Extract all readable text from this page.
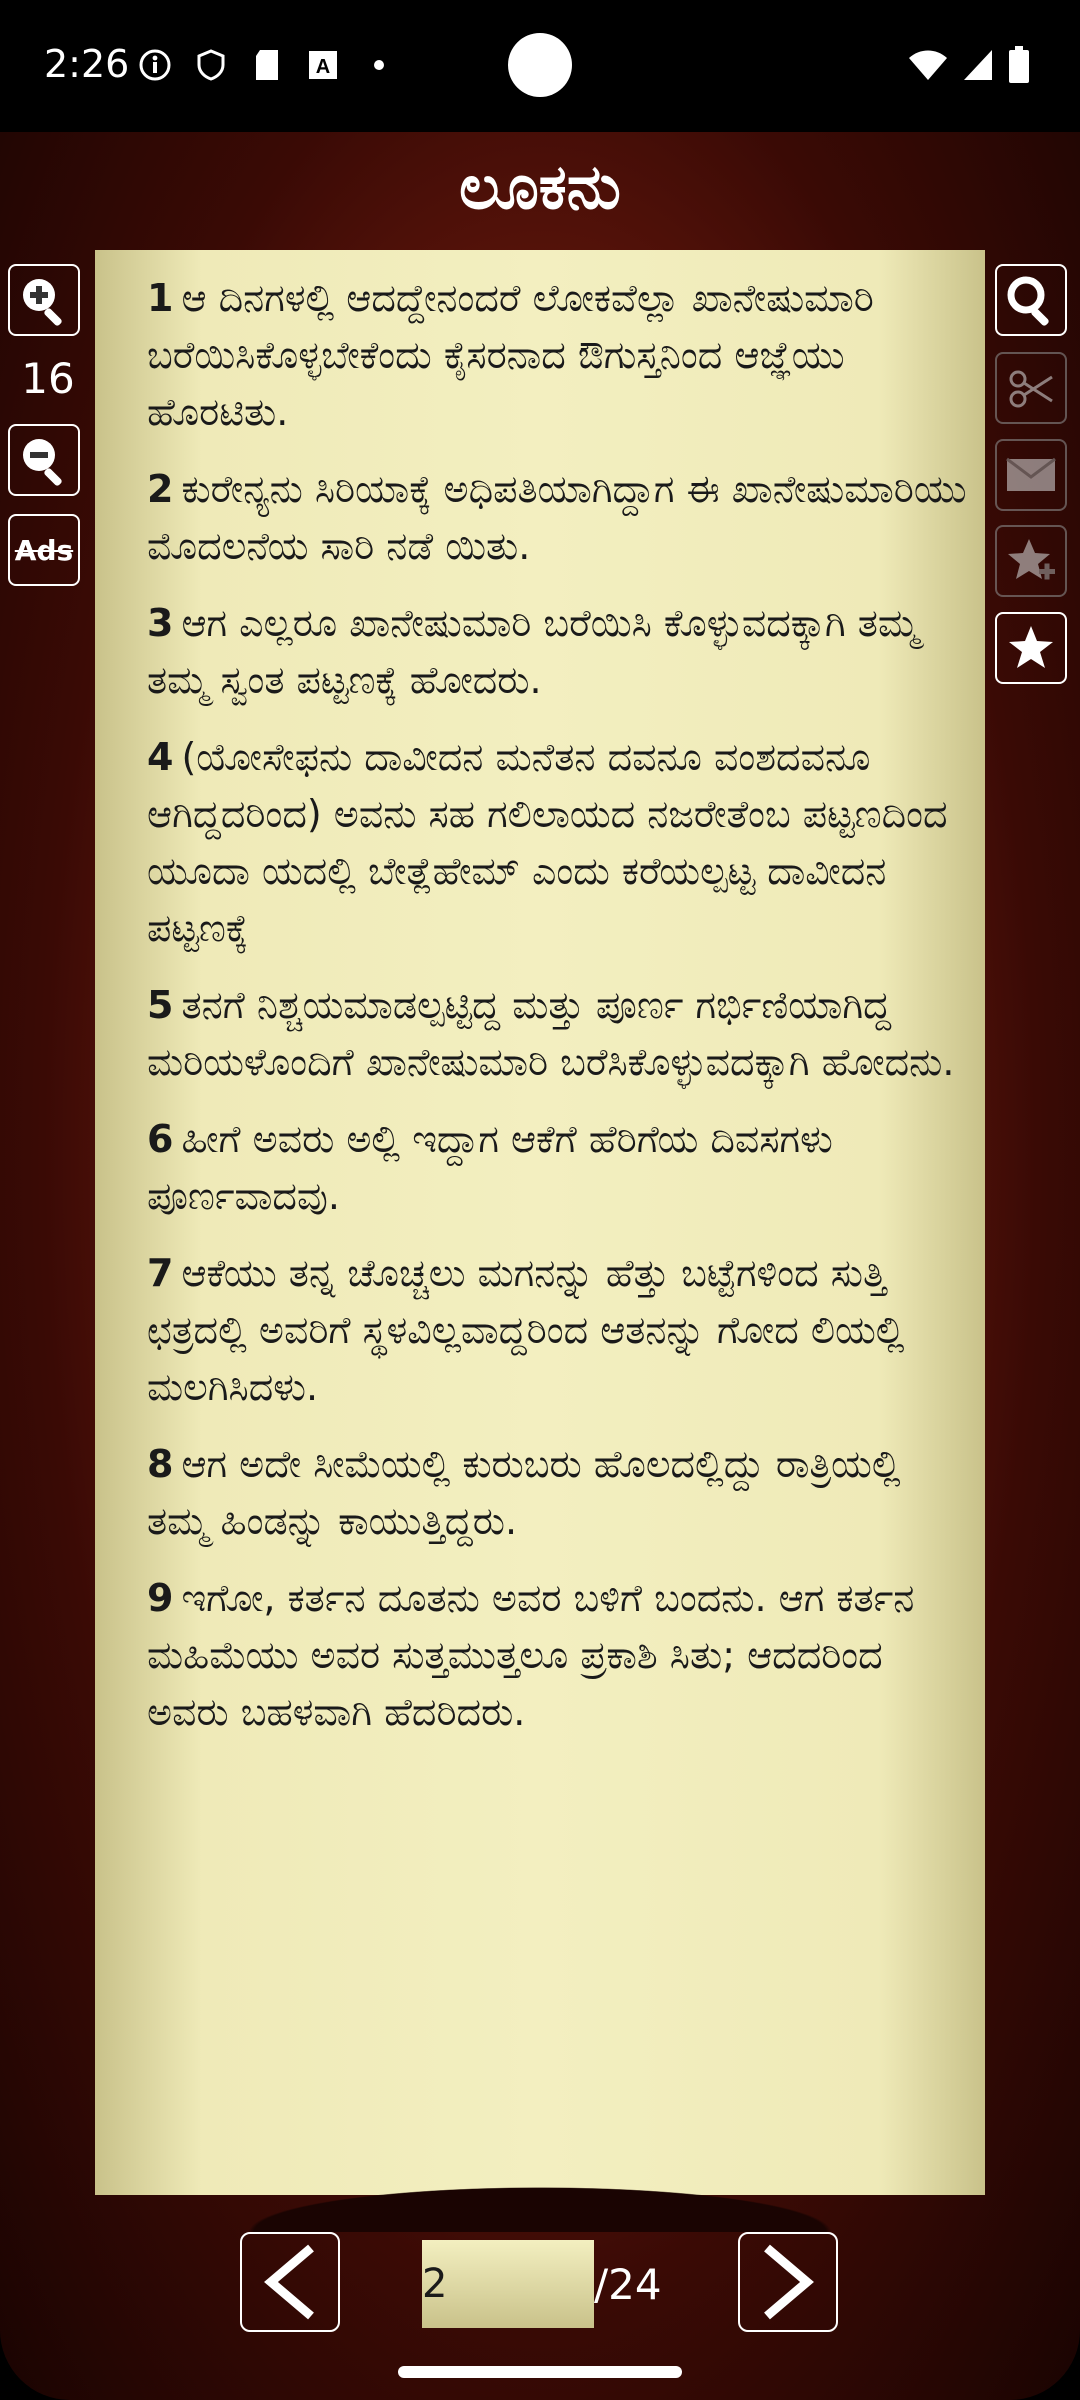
2:26	A
ಲೂಕನು

1 ಆ ದಿನಗಳಲ್ಲಿ ಆದದ್ದೇನಂದರೆ ಲೋಕವೆಲ್ಲಾ ಖಾನೇಷುಮಾರಿ ಬರೆಯಿಸಿಕೊಳ್ಳಬೇಕೆಂದು ಕೈಸರನಾದ ಔಗುಸ್ತನಿಂದ ಆಜ್ಞೆಯು ಹೊರಟಿತು.

2 ಕುರೇನ್ಯನು ಸಿರಿಯಾಕ್ಕೆ ಅಧಿಪತಿಯಾಗಿದ್ದಾಗ ಈ ಖಾನೇಷುಮಾರಿಯು ಮೊದಲನೆಯ ಸಾರಿ ನಡೆ ಯಿತು.

3 ಆಗ ಎಲ್ಲರೂ ಖಾನೇಷುಮಾರಿ ಬರೆಯಿಸಿ ಕೊಳ್ಳುವದಕ್ಕಾಗಿ ತಮ್ಮ ತಮ್ಮ ಸ್ವಂತ ಪಟ್ಟಣಕ್ಕೆ ಹೋದರು.

4 (ಯೋಸೇಫನು ದಾವೀದನ ಮನೆತನ ದವನೂ ವಂಶದವನೂ ಆಗಿದ್ದದರಿಂದ) ಅವನು ಸಹ ಗಲಿಲಾಯದ ನಜರೇತೆಂಬ ಪಟ್ಟಣದಿಂದ ಯೂದಾ ಯದಲ್ಲಿ ಬೇತ್ಲೆಹೇಮ್ ಎಂದು ಕರೆಯಲ್ಪಟ್ಟ ದಾವೀದನ ಪಟ್ಟಣಕ್ಕೆ

5 ತನಗೆ ನಿಶ್ಚಯಮಾಡಲ್ಪಟ್ಟಿದ್ದ ಮತ್ತು ಪೂರ್ಣ ಗರ್ಭಿಣಿಯಾಗಿದ್ದ ಮರಿಯಳೊಂದಿಗೆ ಖಾನೇಷುಮಾರಿ ಬರೆಸಿಕೊಳ್ಳುವದಕ್ಕಾಗಿ ಹೋದನು.

6 ಹೀಗೆ ಅವರು ಅಲ್ಲಿ ಇದ್ದಾಗ ಆಕೆಗೆ ಹೆರಿಗೆಯ ದಿವಸಗಳು ಪೂರ್ಣವಾದವು.

7 ಆಕೆಯು ತನ್ನ ಚೊಚ್ಚಲು ಮಗನನ್ನು ಹೆತ್ತು ಬಟ್ಟೆಗಳಿಂದ ಸುತ್ತಿ ಛತ್ರದಲ್ಲಿ ಅವರಿಗೆ ಸ್ಥಳವಿಲ್ಲವಾದ್ದರಿಂದ ಆತನನ್ನು ಗೋದ ಲಿಯಲ್ಲಿ ಮಲಗಿಸಿದಳು.

8 ಆಗ ಅದೇ ಸೀಮೆಯಲ್ಲಿ ಕುರುಬರು ಹೊಲದಲ್ಲಿದ್ದು ರಾತ್ರಿಯಲ್ಲಿ ತಮ್ಮ ಹಿಂಡನ್ನು ಕಾಯುತ್ತಿದ್ದರು.

9 ಇಗೋ, ಕರ್ತನ ದೂತನು ಅವರ ಬಳಿಗೆ ಬಂದನು. ಆಗ ಕರ್ತನ ಮಹಿಮೆಯು ಅವರ ಸುತ್ತಮುತ್ತಲೂ ಪ್ರಕಾಶಿ ಸಿತು; ಆದದರಿಂದ ಅವರು ಬಹಳವಾಗಿ ಹೆದರಿದರು.

16
Ads
2
/24
